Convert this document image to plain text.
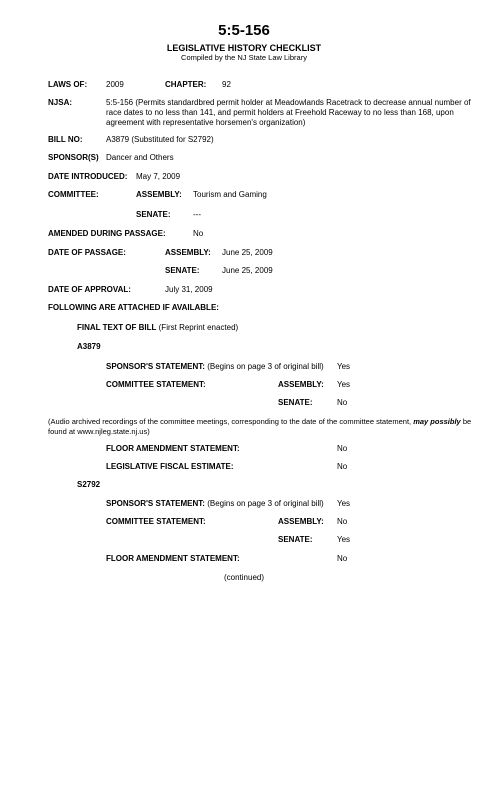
5:5-156
LEGISLATIVE HISTORY CHECKLIST
Compiled by the NJ State Law Library
LAWS OF: 2009	CHAPTER: 92
NJSA:	5:5-156 (Permits standardbred permit holder at Meadowlands Racetrack to decrease annual number of race dates to no less than 141, and permit holders at Freehold Raceway to no less than 168, upon agreement with representative horsemen's organization)
BILL NO:	A3879 (Substituted for S2792)
SPONSOR(S) Dancer and Others
DATE INTRODUCED: May 7, 2009
COMMITTEE:	ASSEMBLY: Tourism and Gaming
SENATE:	---
AMENDED DURING PASSAGE:	No
DATE OF PASSAGE:	ASSEMBLY: June 25, 2009
SENATE:	June 25, 2009
DATE OF APPROVAL:	July 31, 2009
FOLLOWING ARE ATTACHED IF AVAILABLE:
FINAL TEXT OF BILL (First Reprint enacted)
A3879
SPONSOR'S STATEMENT: (Begins on page 3 of original bill) Yes
COMMITTEE STATEMENT:	ASSEMBLY: Yes
SENATE:	No
(Audio archived recordings of the committee meetings, corresponding to the date of the committee statement, may possibly be found at www.njleg.state.nj.us)
FLOOR AMENDMENT STATEMENT:	No
LEGISLATIVE FISCAL ESTIMATE:	No
S2792
SPONSOR'S STATEMENT: (Begins on page 3 of original bill) Yes
COMMITTEE STATEMENT:	ASSEMBLY: No
SENATE:	Yes
FLOOR AMENDMENT STATEMENT:	No
(continued)
